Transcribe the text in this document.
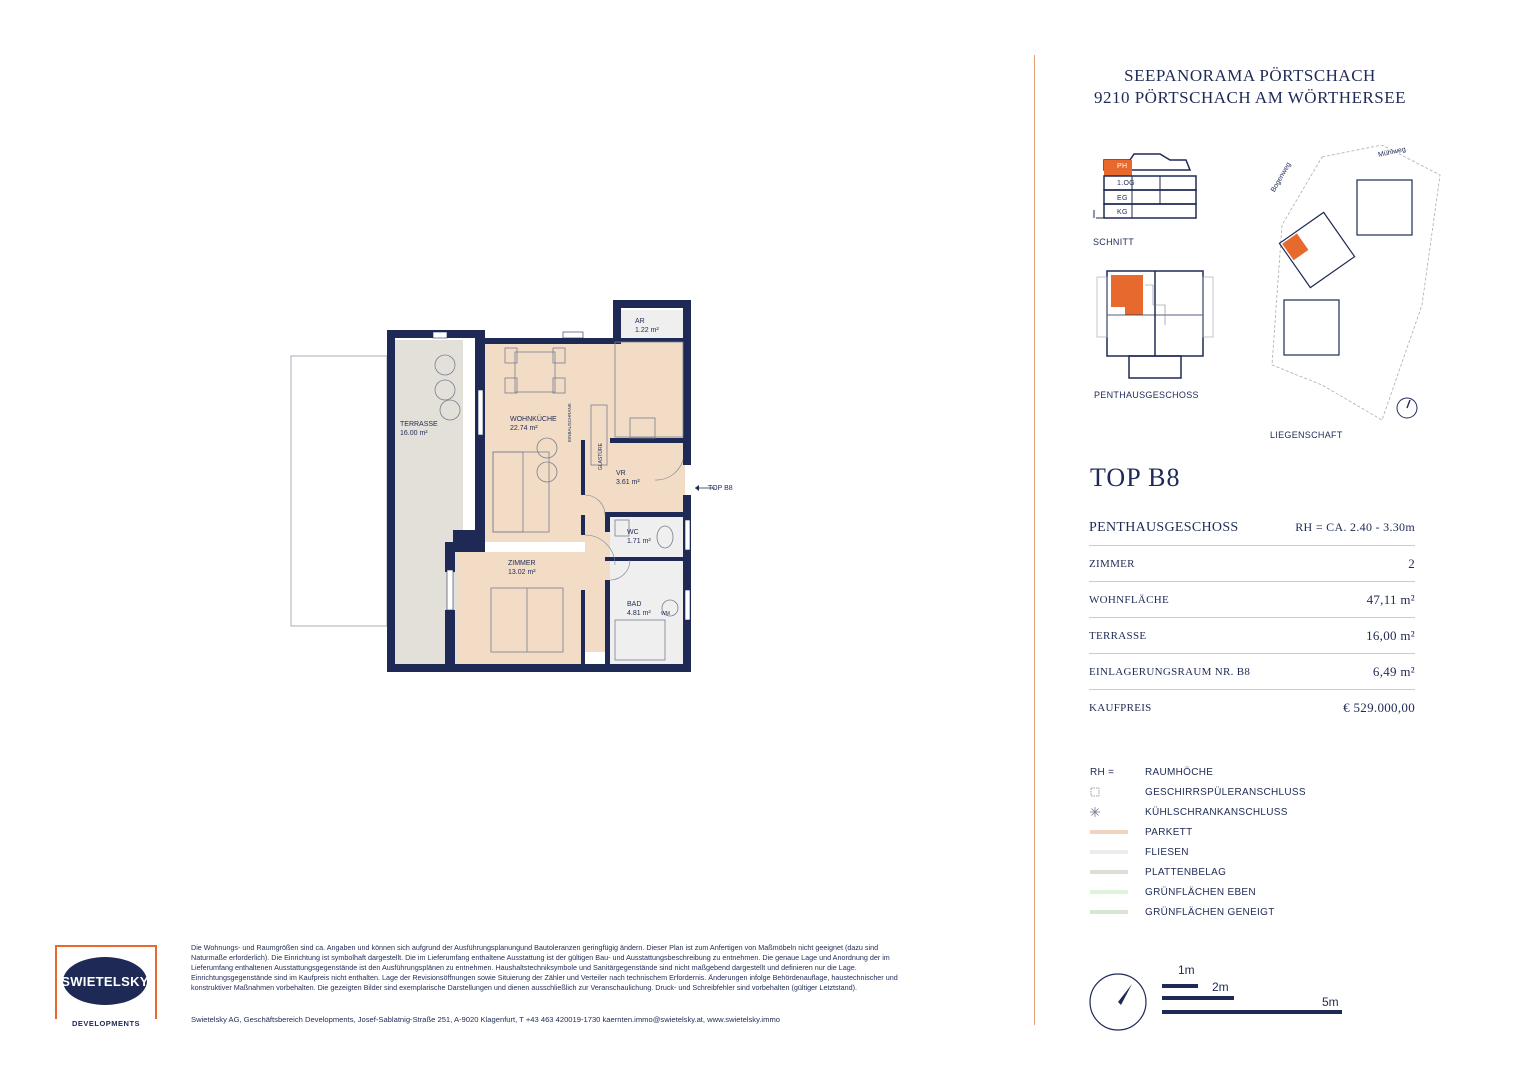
AR
1.22 m²
WOHNKÜCHE
22.74 m²
TERRASSE
16.00 m²
VR
3.61 m²
WC
1.71 m²
ZIMMER
13.02 m²
BAD
4.81 m²
TOP B8
GLASTÜRE
EINBAUSCHRANK
WM
SEEPANORAMA PÖRTSCHACH
9210 PÖRTSCHACH AM WÖRTHERSEE
PH
1.OG
EG
KG
SCHNITT
PENTHAUSGESCHOSS
Mühlweg
Bogenweg
LIEGENSCHAFT
TOP B8
PENTHAUSGESCHOSS	RH = CA. 2.40 - 3.30m
ZIMMER	2
WOHNFLÄCHE	47,11 m²
TERRASSE	16,00 m²
EINLAGERUNGSRAUM NR. B8	6,49 m²
KAUFPREIS	€ 529.000,00
RH =	RAUMHÖCHE
GESCHIRRSPÜLERANSCHLUSS
KÜHLSCHRANKANSCHLUSS
PARKETT
FLIESEN
PLATTENBELAG
GRÜNFLÄCHEN EBEN
GRÜNFLÄCHEN GENEIGT
1m
2m
5m
SWIETELSKY
DEVELOPMENTS
Die Wohnungs- und Raumgrößen sind ca. Angaben und können sich aufgrund der Ausführungsplanungund Bautoleranzen geringfügig ändern. Dieser Plan ist zum Anfertigen von Maßmöbeln nicht geeignet (dazu sind Naturmaße erforderlich). Die Einrichtung ist symbolhaft dargestellt. Die im Lieferumfang enthaltene Ausstattung ist der gültigen Bau- und Ausstattungsbeschreibung zu entnehmen. Die genaue Lage und Anordnung der im Lieferumfang enthaltenen Ausstattungsgegenstände ist den Ausführungsplänen zu entnehmen. Haushaltstechniksymbole und Sanitärgegenstände sind nicht maßgebend dargestellt und definieren nur die Lage. Einrichtungsgegenstände sind im Kaufpreis nicht enthalten. Lage der Revisionsöffnungen sowie Situierung der Zähler und Verteiler nach technischem Erfordernis. Änderungen infolge Behördenauflage, haustechnischer und konstruktiver Maßnahmen vorbehalten. Die gezeigten Bilder sind exemplarische Darstellungen und dienen ausschließlich zur Veranschaulichung. Druck- und Schreibfehler sind vorbehalten (gültiger Letztstand).
Swietelsky AG, Geschäftsbereich Developments, Josef-Sablatnig-Straße 251, A-9020 Klagenfurt, T +43 463 420019-1730 kaernten.immo@swietelsky.at, www.swietelsky.immo
